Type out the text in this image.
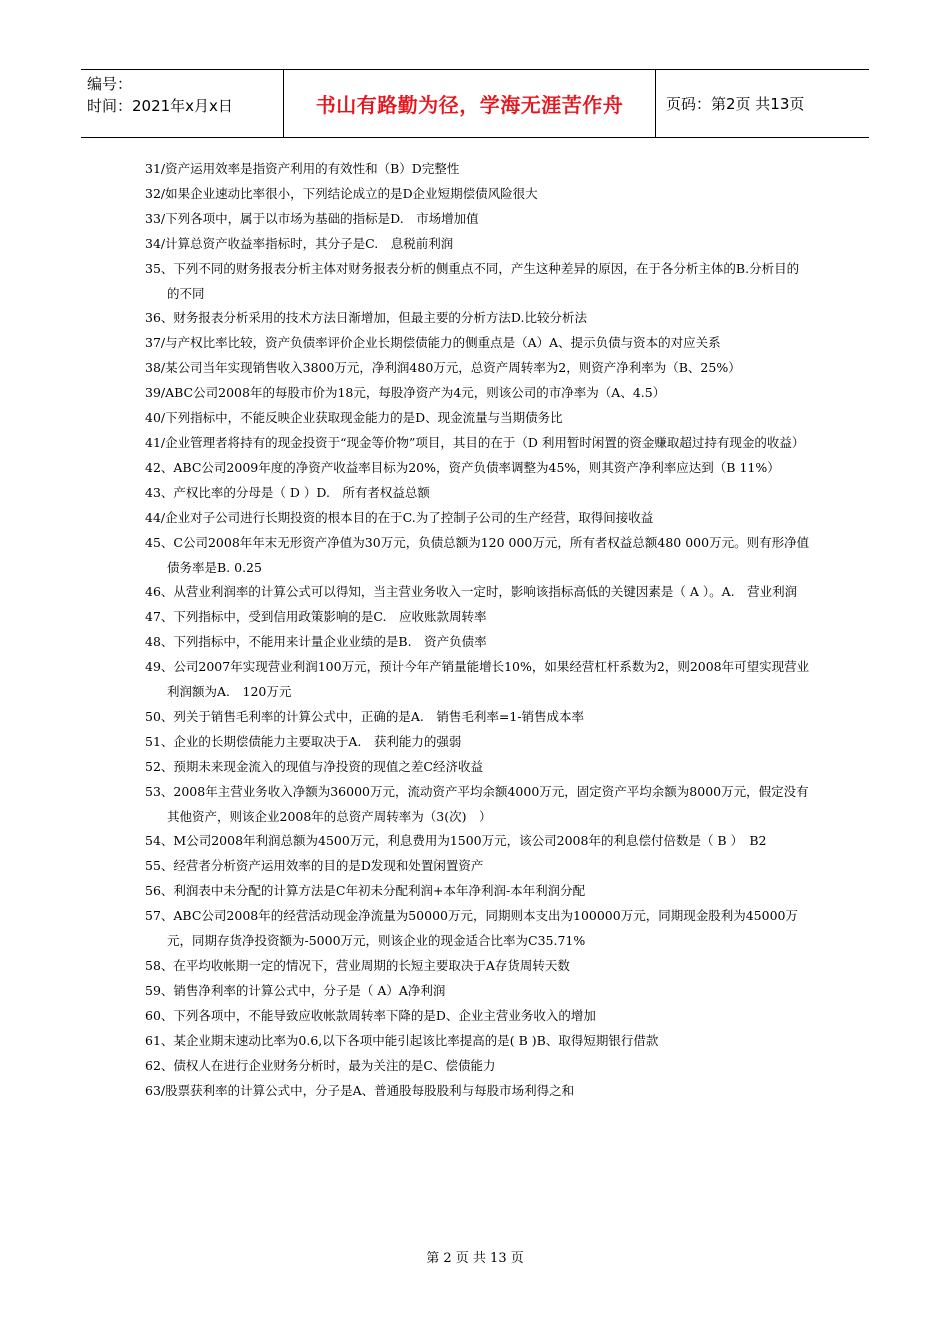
编号：
时间：2021年x月x日	书山有路勤为径，学海无涯苦作舟	页码：第2页 共13页

31/资产运用效率是指资产利用的有效性和（B）D完整性

32/如果企业速动比率很小，下列结论成立的是D企业短期偿债风险很大

33/下列各项中，属于以市场为基础的指标是D.　市场增加值

34/计算总资产收益率指标时，其分子是C.　息税前利润

35、下列不同的财务报表分析主体对财务报表分析的侧重点不同，产生这种差异的原因，在于各分析主体的B.分析目的的不同

36、财务报表分析采用的技术方法日渐增加，但最主要的分析方法D.比较分析法

37/与产权比率比较，资产负债率评价企业长期偿债能力的侧重点是（A）A、提示负债与资本的对应关系

38/某公司当年实现销售收入3800万元，净利润480万元，总资产周转率为2，则资产净利率为（B、25%）

39/ABC公司2008年的每股市价为18元，每股净资产为4元，则该公司的市净率为（A、4.5）

40/下列指标中，不能反映企业获取现金能力的是D、现金流量与当期债务比

41/企业管理者将持有的现金投资于“现金等价物”项目，其目的在于（D 利用暂时闲置的资金赚取超过持有现金的收益）

42、ABC公司2009年度的净资产收益率目标为20%，资产负债率调整为45%，则其资产净利率应达到（B 11%）

43、产权比率的分母是（ D ）D.　所有者权益总额

44/企业对子公司进行长期投资的根本目的在于C.为了控制子公司的生产经营，取得间接收益

45、C公司2008年年末无形资产净值为30万元，负债总额为120 000万元，所有者权益总额480 000万元。则有形净值债务率是B. 0.25

46、从营业利润率的计算公式可以得知，当主营业务收入一定时，影响该指标高低的关键因素是（ A ）。A.　营业利润

47、下列指标中，受到信用政策影响的是C.　应收账款周转率

48、下列指标中，不能用来计量企业业绩的是B.　资产负债率

49、公司2007年实现营业利润100万元，预计今年产销量能增长10%，如果经营杠杆系数为2，则2008年可望实现营业利润额为A.　120万元

50、列关于销售毛利率的计算公式中，正确的是A.　销售毛利率=1-销售成本率

51、企业的长期偿债能力主要取决于A.　获利能力的强弱

52、预期未来现金流入的现值与净投资的现值之差C经济收益

53、2008年主营业务收入净额为36000万元，流动资产平均余额4000万元，固定资产平均余额为8000万元，假定没有其他资产，则该企业2008年的总资产周转率为（3(次)　）

54、M公司2008年利润总额为4500万元，利息费用为1500万元，该公司2008年的利息偿付倍数是（ B ）　B2

55、经营者分析资产运用效率的目的是D发现和处置闲置资产

56、利润表中未分配的计算方法是C年初未分配利润+本年净利润-本年利润分配

57、ABC公司2008年的经营活动现金净流量为50000万元，同期则本支出为100000万元，同期现金股利为45000万元，同期存货净投资额为-5000万元，则该企业的现金适合比率为C35.71%

58、在平均收帐期一定的情况下，营业周期的长短主要取决于A存货周转天数

59、销售净利率的计算公式中，分子是（ A）A净利润

60、下列各项中，不能导致应收帐款周转率下降的是D、企业主营业务收入的增加

61、某企业期末速动比率为0.6,以下各项中能引起该比率提高的是( B )B、取得短期银行借款

62、债权人在进行企业财务分析时，最为关注的是C、偿债能力

63/股票获利率的计算公式中，分子是A、普通股每股股利与每股市场利得之和

第 2 页 共 13 页
